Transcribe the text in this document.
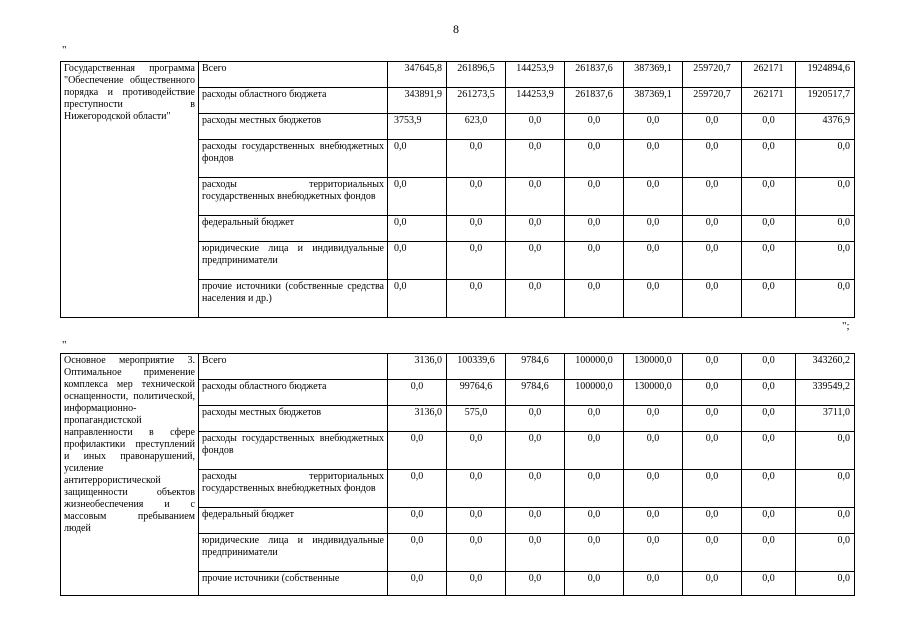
8
"
Государственная программа "Обеспечение общественного порядка и противодействие преступности в Нижегородской области"	Всего	347645,8	261896,5	144253,9	261837,6	387369,1	259720,7	262171	1924894,6
	расходы областного бюджета	343891,9	261273,5	144253,9	261837,6	387369,1	259720,7	262171	1920517,7
	расходы местных бюджетов	3753,9	623,0	0,0	0,0	0,0	0,0	0,0	4376,9
	расходы государственных внебюджетных фондов	0,0	0,0	0,0	0,0	0,0	0,0	0,0	0,0
	расходы территориальных государственных внебюджетных фондов	0,0	0,0	0,0	0,0	0,0	0,0	0,0	0,0
	федеральный бюджет	0,0	0,0	0,0	0,0	0,0	0,0	0,0	0,0
	юридические лица и индивидуальные предприниматели	0,0	0,0	0,0	0,0	0,0	0,0	0,0	0,0
	прочие источники (собственные средства населения и др.)	0,0	0,0	0,0	0,0	0,0	0,0	0,0	0,0
";
"
Основное мероприятие 3. Оптимальное применение комплекса мер технической оснащенности, политической, информационно-пропагандистской направленности в сфере профилактики преступлений и иных правонарушений, усиление антитеррористической защищенности объектов жизнеобеспечения и с массовым пребыванием людей	Всего	3136,0	100339,6	9784,6	100000,0	130000,0	0,0	0,0	343260,2
	расходы областного бюджета	0,0	99764,6	9784,6	100000,0	130000,0	0,0	0,0	339549,2
	расходы местных бюджетов	3136,0	575,0	0,0	0,0	0,0	0,0	0,0	3711,0
	расходы государственных внебюджетных фондов	0,0	0,0	0,0	0,0	0,0	0,0	0,0	0,0
	расходы территориальных государственных внебюджетных фондов	0,0	0,0	0,0	0,0	0,0	0,0	0,0	0,0
	федеральный бюджет	0,0	0,0	0,0	0,0	0,0	0,0	0,0	0,0
	юридические лица и индивидуальные предприниматели	0,0	0,0	0,0	0,0	0,0	0,0	0,0	0,0
	прочие источники (собственные	0,0	0,0	0,0	0,0	0,0	0,0	0,0	0,0
